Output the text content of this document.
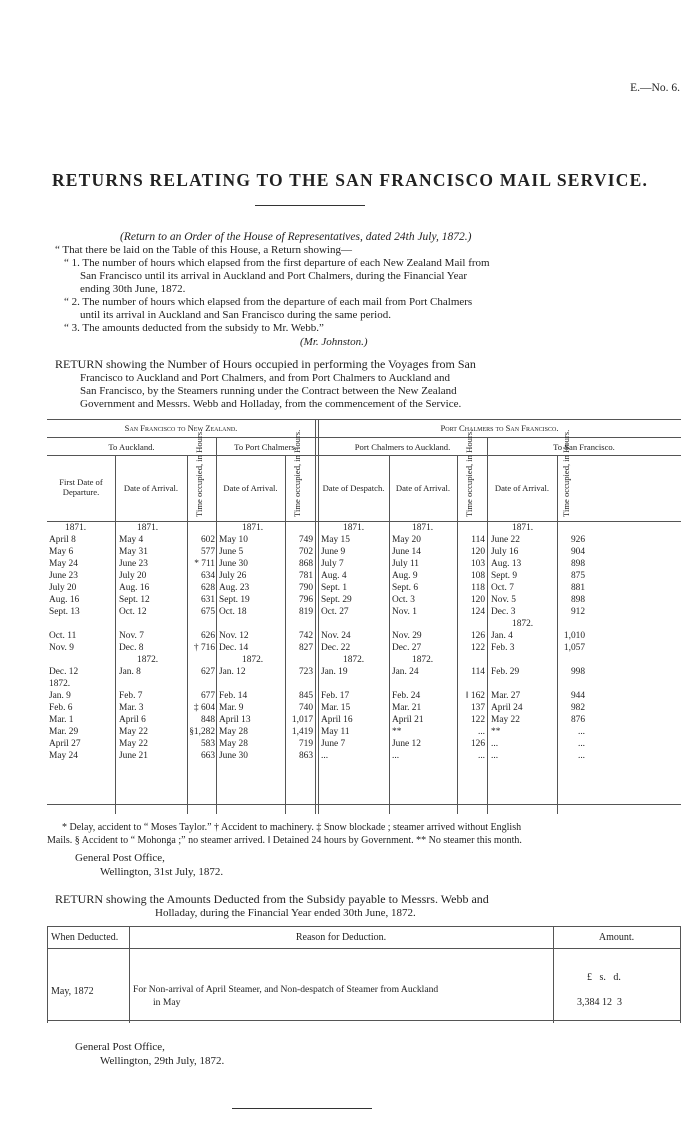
E.—No. 6.
RETURNS RELATING TO THE SAN FRANCISCO MAIL SERVICE.
(Return to an Order of the House of Representatives, dated 24th July, 1872.)
“ That there be laid on the Table of this House, a Return showing—
“ 1. The number of hours which elapsed from the first departure of each New Zealand Mail from
San Francisco until its arrival in Auckland and Port Chalmers, during the Financial Year
ending 30th June, 1872.
“ 2. The number of hours which elapsed from the departure of each mail from Port Chalmers
until its arrival in Auckland and San Francisco during the same period.
“ 3. The amounts deducted from the subsidy to Mr. Webb.”
(Mr. Johnston.)
RETURN showing the Number of Hours occupied in performing the Voyages from San
Francisco to Auckland and Port Chalmers, and from Port Chalmers to Auckland and
San Francisco, by the Steamers running under the Contract between the New Zealand
Government and Messrs. Webb and Holladay, from the commencement of the Service.
San Francisco to New Zealand.	Port Chalmers to San Francisco.
To Auckland.	To Port Chalmers.	Port Chalmers to Auckland.	To San Francisco.
First Date of Departure.	Date of Arrival.	Time occupied, in Hours.	Date of Arrival.	Time occupied, in Hours.	Date of Despatch.	Date of Arrival.	Time occupied, in Hours.	Date of Arrival.	Time occupied, in Hours.
1871.	1871.	1871.	1871.	1871.	1871.
1872.
1872.	1872.	1872.	1872.
1872.
April 8	May 4	602 May 10	749 May 15	May 20	114 June 22	926
May 6	May 31	577 June 5	702 June 9	June 14	120 July 16	904
May 24	June 23	* 711 June 30	868 July 7	July 11	103 Aug. 13	898
June 23	July 20	634 July 26	781 Aug. 4	Aug. 9	108 Sept. 9	875
July 20	Aug. 16	628 Aug. 23	790 Sept. 1	Sept. 6	118 Oct. 7	881
Aug. 16	Sept. 12	631 Sept. 19	796 Sept. 29	Oct. 3	120 Nov. 5	898
Sept. 13	Oct. 12	675 Oct. 18	819 Oct. 27	Nov. 1	124 Dec. 3	912
Oct. 11	Nov. 7	626 Nov. 12	742 Nov. 24	Nov. 29	126 Jan. 4	1,010
Nov. 9	Dec. 8	† 716 Dec. 14	827 Dec. 22	Dec. 27	122 Feb. 3	1,057
Dec. 12	Jan. 8	627 Jan. 12	723 Jan. 19	Jan. 24	114 Feb. 29	998
Jan. 9	Feb. 7	677 Feb. 14	845 Feb. 17	Feb. 24	‖ 162 Mar. 27	944
Feb. 6	Mar. 3	‡ 604 Mar. 9	740 Mar. 15	Mar. 21	137 April 24	982
Mar. 1	April 6	848 April 13	1,017 April 16	April 21	122 May 22	876
Mar. 29	May 22	§1,282 May 28	1,419 May 11	**	... **	...
April 27	May 22	583 May 28	719 June 7	June 12	126 ...	...
May 24	June 21	663 June 30	863 ...	...	... ...	...
* Delay, accident to “ Moses Taylor.” † Accident to machinery. ‡ Snow blockade ; steamer arrived without English
Mails. § Accident to “ Mohonga ;” no steamer arrived. ‖ Detained 24 hours by Government. ** No steamer this month.
General Post Office,
Wellington, 31st July, 1872.
RETURN showing the Amounts Deducted from the Subsidy payable to Messrs. Webb and
Holladay, during the Financial Year ended 30th June, 1872.
When Deducted.	Reason for Deduction.	Amount.
£   s.   d.
May, 1872	For Non-arrival of April Steamer, and Non-despatch of Steamer from Auckland
in May	3,384 12  3
General Post Office,
Wellington, 29th July, 1872.
